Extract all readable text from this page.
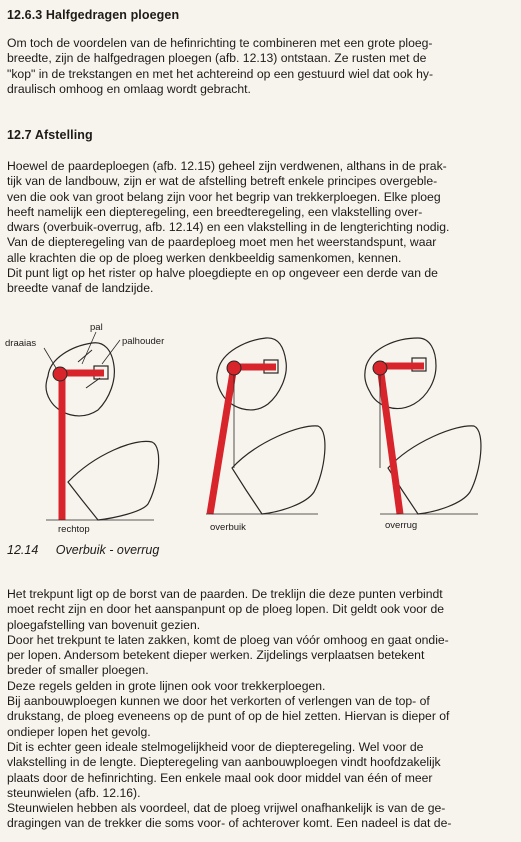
12.6.3 Halfgedragen ploegen
Om toch de voordelen van de hefinrichting te combineren met een grote ploeg-
breedte, zijn de halfgedragen ploegen (afb. 12.13) ontstaan. Ze rusten met de
"kop" in de trekstangen en met het achtereind op een gestuurd wiel dat ook hy-
draulisch omhoog en omlaag wordt gebracht.
12.7 Afstelling
Hoewel de paardeploegen (afb. 12.15) geheel zijn verdwenen, althans in de prak-
tijk van de landbouw, zijn er wat de afstelling betreft enkele principes overgeble-
ven die ook van groot belang zijn voor het begrip van trekkerploegen. Elke ploeg
heeft namelijk een diepteregeling, een breedteregeling, een vlakstelling over-
dwars (overbuik-overrug, afb. 12.14) en een vlakstelling in de lengterichting nodig.
Van de diepteregeling van de paardeploeg moet men het weerstandspunt, waar
alle krachten die op de ploeg werken denkbeeldig samenkomen, kennen.
Dit punt ligt op het rister op halve ploegdiepte en op ongeveer een derde van de
breedte vanaf de landzijde.
draaias
pal
palhouder
rechtop	overbuik	overrug

12.14 Overbuik - overrug

Het trekpunt ligt op de borst van de paarden. De treklijn die deze punten verbindt
moet recht zijn en door het aanspanpunt op de ploeg lopen. Dit geldt ook voor de
ploegafstelling van bovenuit gezien.
Door het trekpunt te laten zakken, komt de ploeg van vóór omhoog en gaat ondie-
per lopen. Andersom betekent dieper werken. Zijdelings verplaatsen betekent
breder of smaller ploegen.
Deze regels gelden in grote lijnen ook voor trekkerploegen.
Bij aanbouwploegen kunnen we door het verkorten of verlengen van de top- of
drukstang, de ploeg eveneens op de punt of op de hiel zetten. Hiervan is dieper of
ondieper lopen het gevolg.
Dit is echter geen ideale stelmogelijkheid voor de diepteregeling. Wel voor de
vlakstelling in de lengte. Diepteregeling van aanbouwploegen vindt hoofdzakelijk
plaats door de hefinrichting. Een enkele maal ook door middel van één of meer
steunwielen (afb. 12.16).
Steunwielen hebben als voordeel, dat de ploeg vrijwel onafhankelijk is van de ge-
dragingen van de trekker die soms voor- of achterover komt. Een nadeel is dat de-
